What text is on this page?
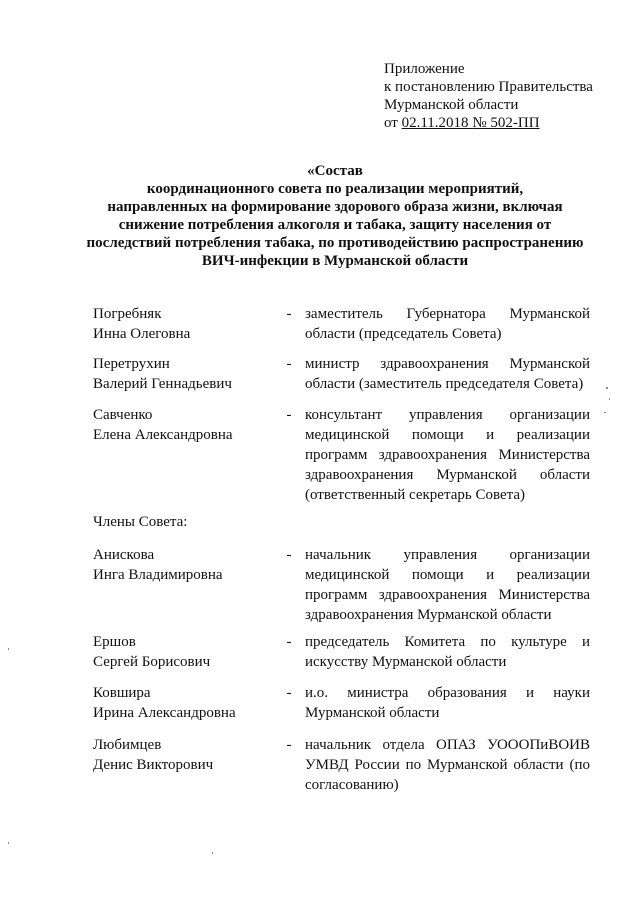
Приложение
к постановлению Правительства
Мурманской области
от 02.11.2018 № 502-ПП
«Состав
координационного совета по реализации мероприятий,
направленных на формирование здорового образа жизни, включая
снижение потребления алкоголя и табака, защиту населения от
последствий потребления табака, по противодействию распространению
ВИЧ-инфекции в Мурманской области
Погребняк
Инна Олеговна
- заместитель Губернатора Мурманской области (председатель Совета)
Перетрухин
Валерий Геннадьевич
- министр здравоохранения Мурманской области (заместитель председателя Совета)
Савченко
Елена Александровна
- консультант управления организации медицинской помощи и реализации программ здравоохранения Министерства здравоохранения Мурманской области (ответственный секретарь Совета)
Члены Совета:
Анискова
Инга Владимировна
- начальник управления организации медицинской помощи и реализации программ здравоохранения Министерства здравоохранения Мурманской области
Ершов
Сергей Борисович
- председатель Комитета по культуре и искусству Мурманской области
Ковшира
Ирина Александровна
- и.о. министра образования и науки Мурманской области
Любимцев
Денис Викторович
- начальник отдела ОПАЗ УОООПиВОИВ УМВД России по Мурманской области (по согласованию)
